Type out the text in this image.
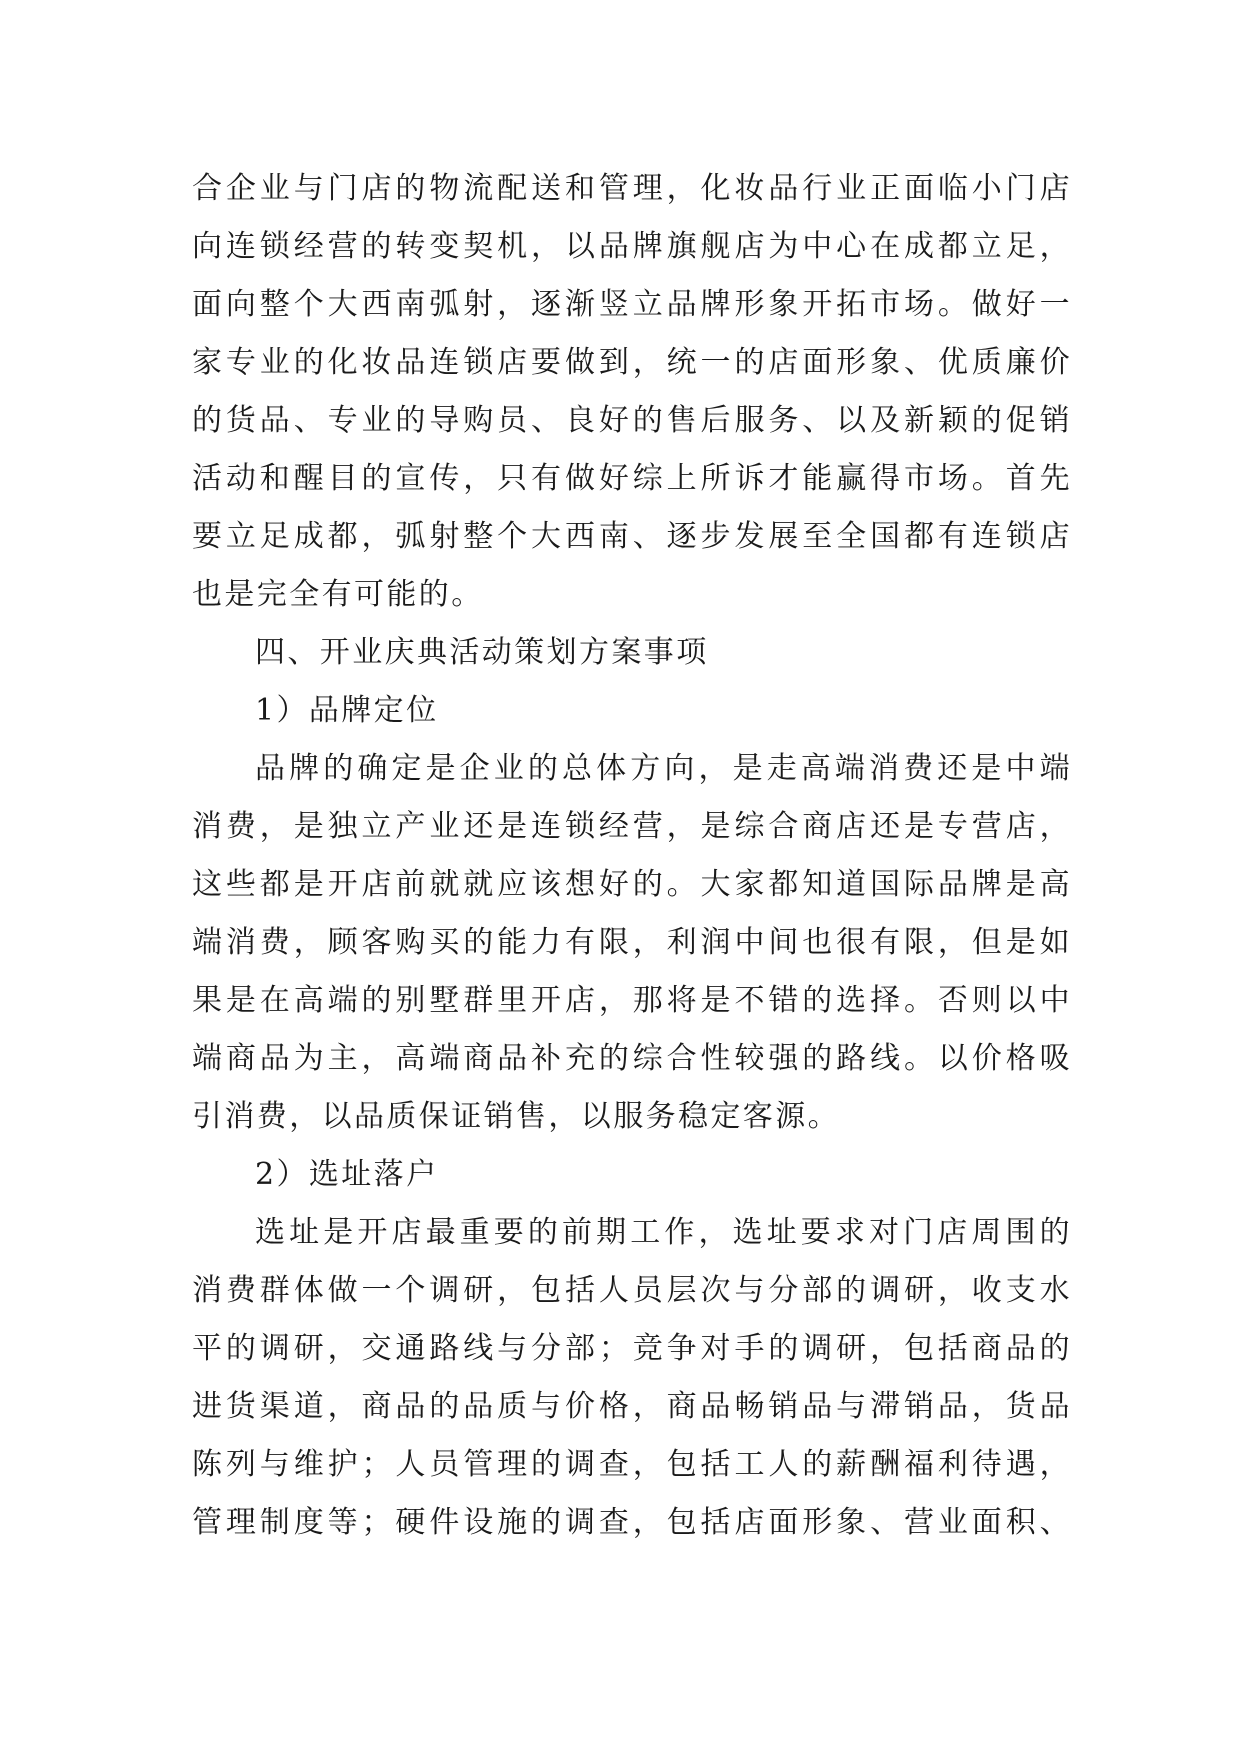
合企业与门店的物流配送和管理，化妆品行业正面临小门店
向连锁经营的转变契机，以品牌旗舰店为中心在成都立足，
面向整个大西南弧射，逐渐竖立品牌形象开拓市场。做好一
家专业的化妆品连锁店要做到，统一的店面形象、优质廉价
的货品、专业的导购员、良好的售后服务、以及新颖的促销
活动和醒目的宣传，只有做好综上所诉才能赢得市场。首先
要立足成都，弧射整个大西南、逐步发展至全国都有连锁店
也是完全有可能的。
四、开业庆典活动策划方案事项
1）品牌定位
品牌的确定是企业的总体方向，是走高端消费还是中端
消费，是独立产业还是连锁经营，是综合商店还是专营店，
这些都是开店前就就应该想好的。大家都知道国际品牌是高
端消费，顾客购买的能力有限，利润中间也很有限，但是如
果是在高端的别墅群里开店，那将是不错的选择。否则以中
端商品为主，高端商品补充的综合性较强的路线。以价格吸
引消费，以品质保证销售，以服务稳定客源。
2）选址落户
选址是开店最重要的前期工作，选址要求对门店周围的
消费群体做一个调研，包括人员层次与分部的调研，收支水
平的调研，交通路线与分部；竞争对手的调研，包括商品的
进货渠道，商品的品质与价格，商品畅销品与滞销品，货品
陈列与维护；人员管理的调查，包括工人的薪酬福利待遇，
管理制度等；硬件设施的调查，包括店面形象、营业面积、
